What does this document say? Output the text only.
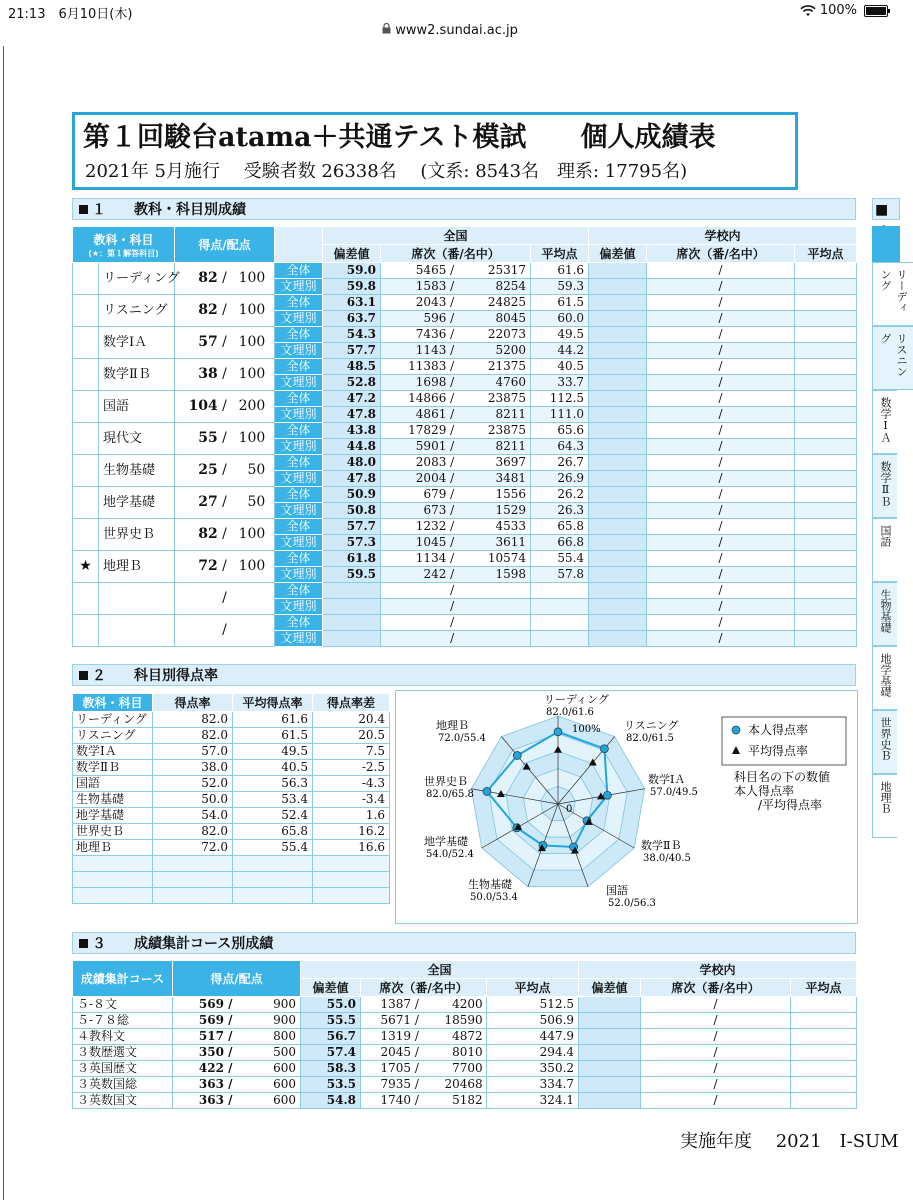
21:13　 6月10日(木)	100%
www2.sundai.ac.jp
第１回駿台atama＋共通テスト模試　　個人成績表
2021年 5月施行　 受験者数 26338名　 (文系: 8543名　理系: 17795名)
１　　教科・科目別成績
教科・科目
(★：第１解答科目)		得点/配点		全国			学校内		
				偏差値	席次（番/名中）	平均点	偏差値	席次（番/名中）	平均点
	リーディング	82 / 100	全体	59.0	5465 / 25317	61.6		/	
			文理別	59.8	1583 / 8254	59.3		/	
	リスニング	82 / 100	全体	63.1	2043 / 24825	61.5		/	
			文理別	63.7	596 / 8045	60.0		/	
	数学ⅠＡ	57 / 100	全体	54.3	7436 / 22073	49.5		/	
			文理別	57.7	1143 / 5200	44.2		/	
	数学ⅡＢ	38 / 100	全体	48.5	11383 / 21375	40.5		/	
			文理別	52.8	1698 / 4760	33.7		/	
	国語	104 / 200	全体	47.2	14866 / 23875	112.5		/	
			文理別	47.8	4861 / 8211	111.0		/	
	現代文	55 / 100	全体	43.8	17829 / 23875	65.6		/	
			文理別	44.8	5901 / 8211	64.3		/	
	生物基礎	25 / 50	全体	48.0	2083 / 3697	26.7		/	
			文理別	47.8	2004 / 3481	26.9		/	
	地学基礎	27 / 50	全体	50.9	679 / 1556	26.2		/	
			文理別	50.8	673 / 1529	26.3		/	
	世界史Ｂ	82 / 100	全体	57.7	1232 / 4533	65.8		/	
			文理別	57.3	1045 / 3611	66.8		/	
★	地理Ｂ	72 / 100	全体	61.8	1134 / 10574	55.4		/	
			文理別	59.5	242 / 1598	57.8		/	
		/	全体		/			/	
			文理別		/			/	
		/	全体		/			/	
			文理別		/			/	
２　　科目別得点率
教科・科目	得点率	平均得点率	得点率差
リーディング	82.0	61.6	20.4
リスニング	82.0	61.5	20.5
数学ⅠＡ	57.0	49.5	7.5
数学ⅡＢ	38.0	40.5	-2.5
国語	52.0	56.3	-4.3
生物基礎	50.0	53.4	-3.4
地学基礎	54.0	52.4	1.6
世界史Ｂ	82.0	65.8	16.2
地理Ｂ	72.0	55.4	16.6

100%
0
リーディング
82.0/61.6
リスニング
82.0/61.5
数学ⅠＡ
57.0/49.5
数学ⅡＢ
38.0/40.5
国語
52.0/56.3
生物基礎
50.0/53.4
地学基礎
54.0/52.4
世界史Ｂ
82.0/65.8
地理Ｂ
72.0/55.4
本人得点率
平均得点率
科目名の下の数値
本人得点率
/平均得点率
３　　成績集計コース別成績
成績集計コース	得点/配点		全国			学校内		
			偏差値	席次（番/名中）	平均点	偏差値	席次（番/名中）	平均点
５-８文	569 /	900	55.0	1387 / 4200	512.5		/	
５-７８総	569 /	900	55.5	5671 / 18590	506.9		/	
４教科文	517 /	800	56.7	1319 / 4872	447.9		/	
３数歴選文	350 /	500	57.4	2045 / 8010	294.4		/	
３英国歴文	422 /	600	58.3	1705 / 7700	350.2		/	
３英数国総	363 /	600	53.5	7935 / 20468	334.7		/	
３英数国文	363 /	600	54.8	1740 / 5182	324.1		/	
実施年度　 2021　I-SUM
■
リーディング
リスニング
数学ⅠＡ
数学ⅡＢ
国語
生物基礎
地学基礎
世界史Ｂ
地理Ｂ
